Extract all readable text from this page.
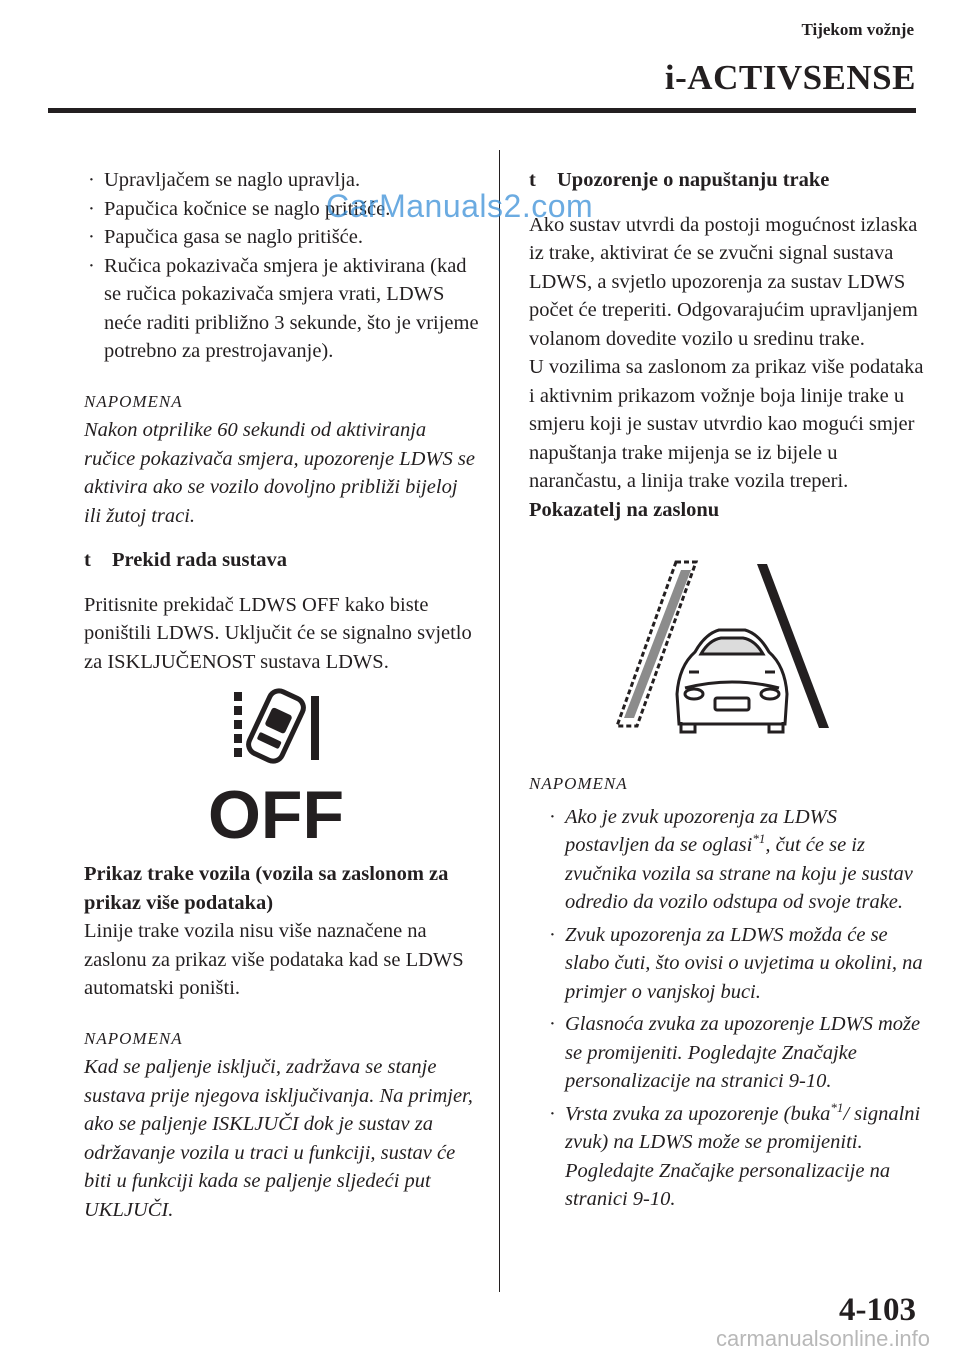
Tijekom vožnje
i-ACTIVSENSE
· Upravljačem se naglo upravlja.
· Papučica kočnice se naglo pritišće.
· Papučica gasa se naglo pritišće.
· Ručica pokazivača smjera je aktivirana (kad se ručica pokazivača smjera vrati, LDWS neće raditi približno 3 sekunde, što je vrijeme potrebno za prestrojavanje).
NAPOMENA

Nakon otprilike 60 sekundi od aktiviranja ručice pokazivača smjera, upozorenje LDWS se aktivira ako se vozilo dovoljno približi bijeloj ili žutoj traci.

t Prekid rada sustava

Pritisnite prekidač LDWS OFF kako biste poništili LDWS. Uključit će se signalno svjetlo za ISKLJUČENOST sustava LDWS.

OFF
Prikaz trake vozila (vozila sa zaslonom za prikaz više podataka)

Linije trake vozila nisu više naznačene na zaslonu za prikaz više podataka kad se LDWS automatski poništi.

NAPOMENA

Kad se paljenje isključi, zadržava se stanje sustava prije njegova isključivanja. Na primjer, ako se paljenje ISKLJUČI dok je sustav za održavanje vozila u traci u funkciji, sustav će biti u funkciji kada se paljenje sljedeći put UKLJUČI.

t Upozorenje o napuštanju trake

Ako sustav utvrdi da postoji mogućnost izlaska iz trake, aktivirat će se zvučni signal sustava LDWS, a svjetlo upozorenja za sustav LDWS počet će treperiti. Odgovarajućim upravljanjem volanom dovedite vozilo u sredinu trake.

U vozilima sa zaslonom za prikaz više podataka i aktivnim prikazom vožnje boja linije trake u smjeru koji je sustav utvrdio kao mogući smjer napuštanja trake mijenja se iz bijele u narančastu, a linija trake vozila treperi.

Pokazatelj na zaslonu
NAPOMENA
· Ako je zvuk upozorenja za LDWS postavljen da se oglasi$^{*1}$, čut će se iz zvučnika vozila sa strane na koju je sustav odredio da vozilo odstupa od svoje trake.
· Zvuk upozorenja za LDWS možda će se slabo čuti, što ovisi o uvjetima u okolini, na primjer o vanjskoj buci.
· Glasnoća zvuka za upozorenje LDWS može se promijeniti. Pogledajte Značajke personalizacije na stranici 9-10.
· Vrsta zvuka za upozorenje (buka$^{*1}$/ signalni zvuk) na LDWS može se promijeniti. Pogledajte Značajke personalizacije na stranici 9-10.
CarManuals2.com
4-103
carmanualsonline.info
